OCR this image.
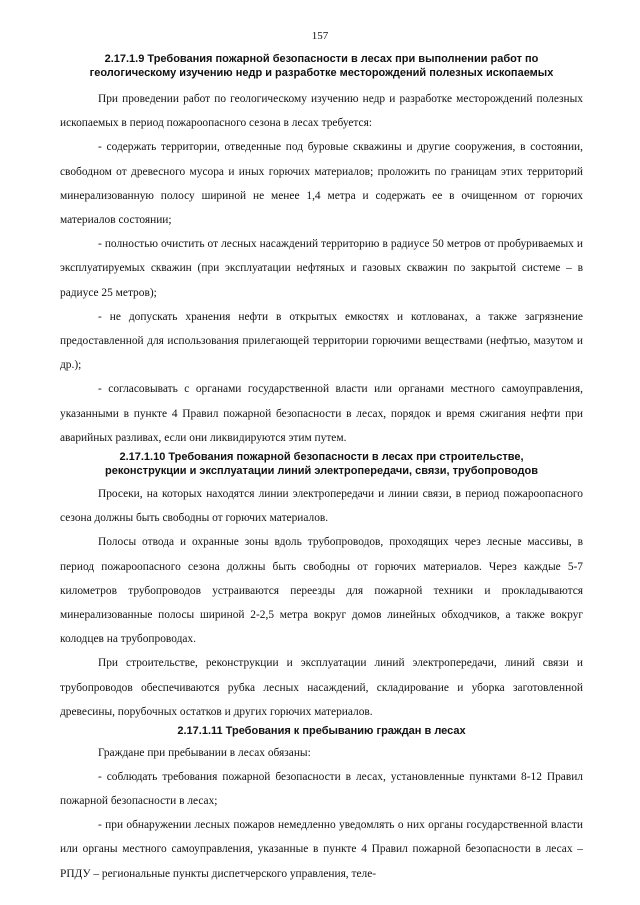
157
2.17.1.9 Требования пожарной безопасности в лесах при выполнении работ по геологическому изучению недр и разработке месторождений полезных ископаемых

При проведении работ по геологическому изучению недр и разработке месторождений полезных ископаемых в период пожароопасного сезона в лесах требуется:

- содержать территории, отведенные под буровые скважины и другие сооружения, в состоянии, свободном от древесного мусора и иных горючих материалов; проложить по границам этих территорий минерализованную полосу шириной не менее 1,4 метра и содержать ее в очищенном от горючих материалов состоянии;

- полностью очистить от лесных насаждений территорию в радиусе 50 метров от пробуриваемых и эксплуатируемых скважин (при эксплуатации нефтяных и газовых скважин по закрытой системе – в радиусе 25 метров);

- не допускать хранения нефти в открытых емкостях и котлованах, а также загрязнение предоставленной для использования прилегающей территории горючими веществами (нефтью, мазутом и др.);

- согласовывать с органами государственной власти или органами местного самоуправления, указанными в пункте 4 Правил пожарной безопасности в лесах, порядок и время сжигания нефти при аварийных разливах, если они ликвидируются этим путем.

2.17.1.10 Требования пожарной безопасности в лесах при строительстве, реконструкции и эксплуатации линий электропередачи, связи, трубопроводов

Просеки, на которых находятся линии электропередачи и линии связи, в период пожароопасного сезона должны быть свободны от горючих материалов.

Полосы отвода и охранные зоны вдоль трубопроводов, проходящих через лесные массивы, в период пожароопасного сезона должны быть свободны от горючих материалов. Через каждые 5-7 километров трубопроводов устраиваются переезды для пожарной техники и прокладываются минерализованные полосы шириной 2-2,5 метра вокруг домов линейных обходчиков, а также вокруг колодцев на трубопроводах.

При строительстве, реконструкции и эксплуатации линий электропередачи, линий связи и трубопроводов обеспечиваются рубка лесных насаждений, складирование и уборка заготовленной древесины, порубочных остатков и других горючих материалов.

2.17.1.11 Требования к пребыванию граждан в лесах

Граждане при пребывании в лесах обязаны:

- соблюдать требования пожарной безопасности в лесах, установленные пунктами 8-12 Правил пожарной безопасности в лесах;

- при обнаружении лесных пожаров немедленно уведомлять о них органы государственной власти или органы местного самоуправления, указанные в пункте 4 Правил пожарной безопасности в лесах – РПДУ – региональные пункты диспетчерского управления, теле-
